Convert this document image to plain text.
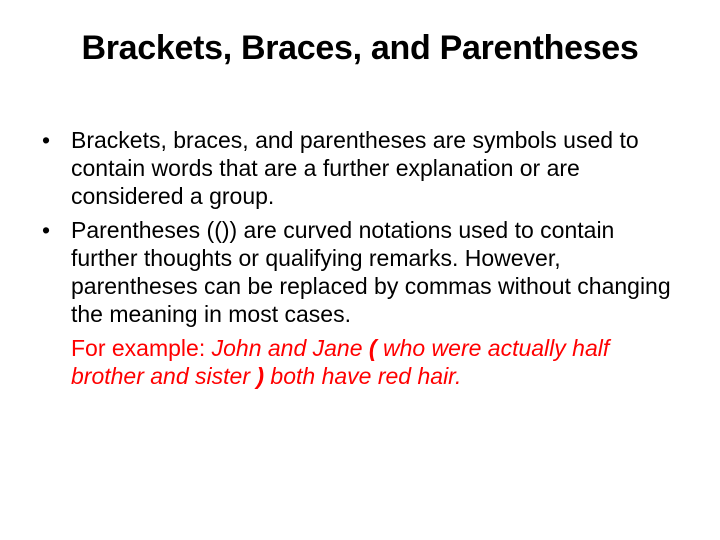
Brackets, Braces, and Parentheses
• Brackets, braces, and parentheses are symbols used to contain words that are a further explanation or are considered a group.
• Parentheses (()) are curved notations used to contain further thoughts or qualifying remarks. However, parentheses can be replaced by commas without changing the meaning in most cases.
For example: John and Jane ( who were actually half brother and sister ) both have red hair.
